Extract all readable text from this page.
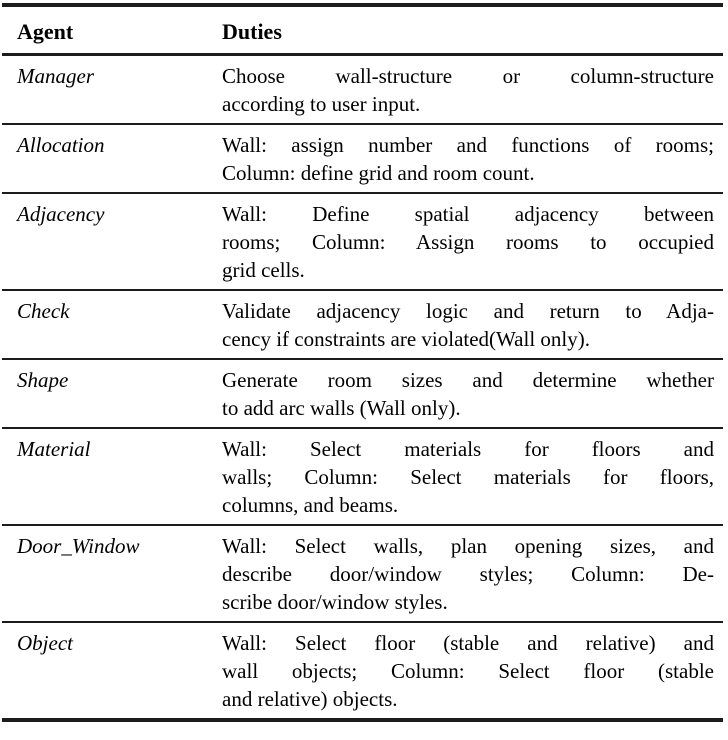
Agent	Duties
Manager	Choose wall-structure or column-structure
according to user input.

Allocation	Wall: assign number and functions of rooms;
Column: define grid and room count.

Adjacency	Wall: Define spatial adjacency between
rooms; Column: Assign rooms to occupied
grid cells.

Check	Validate adjacency logic and return to Adja-
cency if constraints are violated(Wall only).

Shape	Generate room sizes and determine whether
to add arc walls (Wall only).

Material	Wall: Select materials for floors and
walls; Column: Select materials for floors,
columns, and beams.

Door_Window	Wall: Select walls, plan opening sizes, and
describe door/window styles; Column: De-
scribe door/window styles.

Object	Wall: Select floor (stable and relative) and
wall objects; Column: Select floor (stable
and relative) objects.
